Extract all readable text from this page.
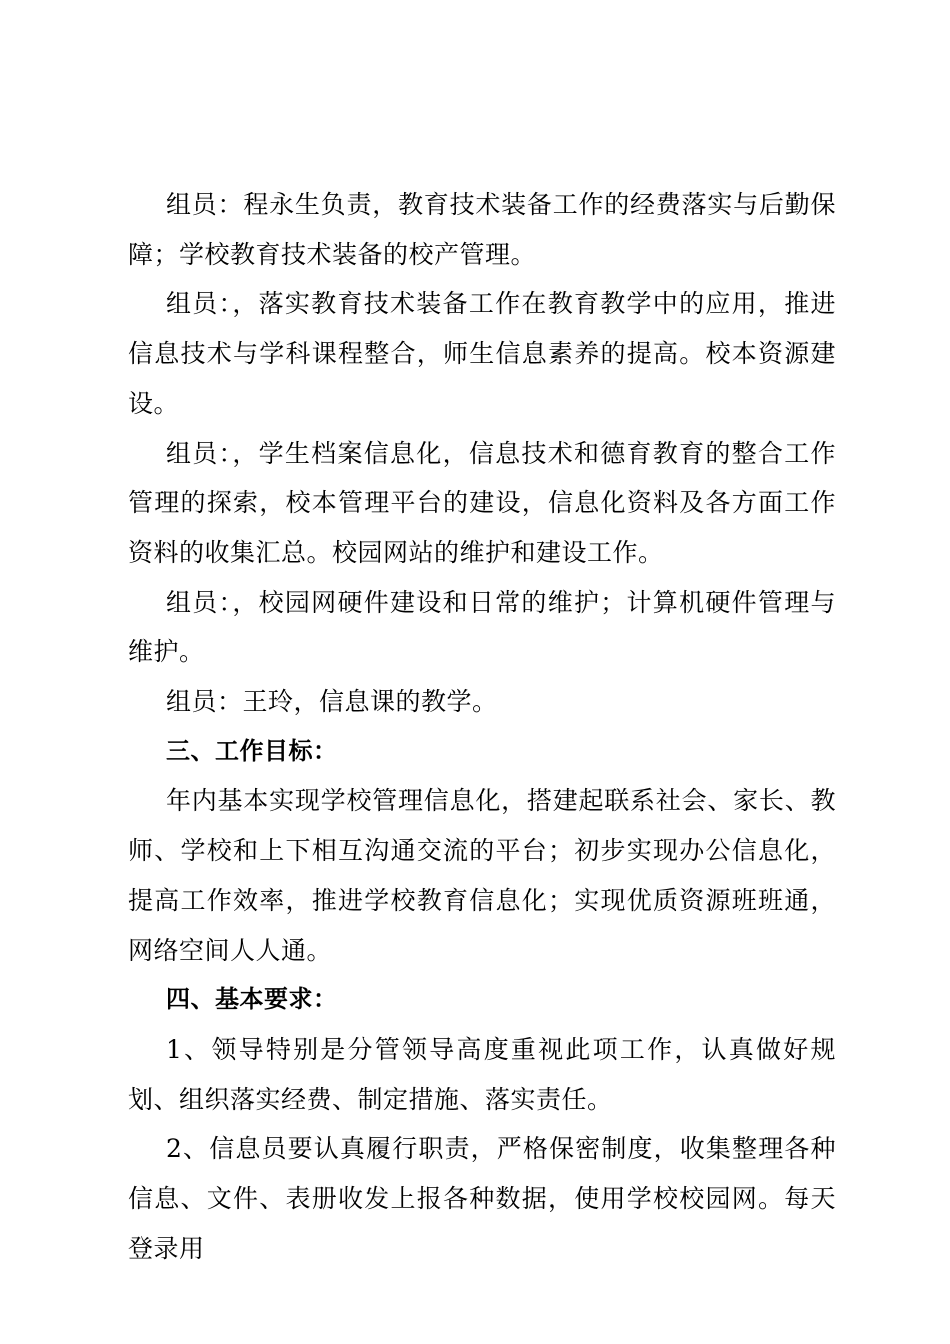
组员：程永生负责，教育技术装备工作的经费落实与后勤保障；学校教育技术装备的校产管理。

组员：，落实教育技术装备工作在教育教学中的应用，推进信息技术与学科课程整合，师生信息素养的提高。校本资源建设。

组员：，学生档案信息化，信息技术和德育教育的整合工作管理的探索，校本管理平台的建设，信息化资料及各方面工作资料的收集汇总。校园网站的维护和建设工作。

组员：，校园网硬件建设和日常的维护；计算机硬件管理与维护。

组员：王玲，信息课的教学。

三、工作目标：

年内基本实现学校管理信息化，搭建起联系社会、家长、教师、学校和上下相互沟通交流的平台；初步实现办公信息化，提高工作效率，推进学校教育信息化；实现优质资源班班通，网络空间人人通。

四、基本要求：

1、领导特别是分管领导高度重视此项工作，认真做好规划、组织落实经费、制定措施、落实责任。

2、信息员要认真履行职责，严格保密制度，收集整理各种信息、文件、表册收发上报各种数据，使用学校校园网。每天登录用
